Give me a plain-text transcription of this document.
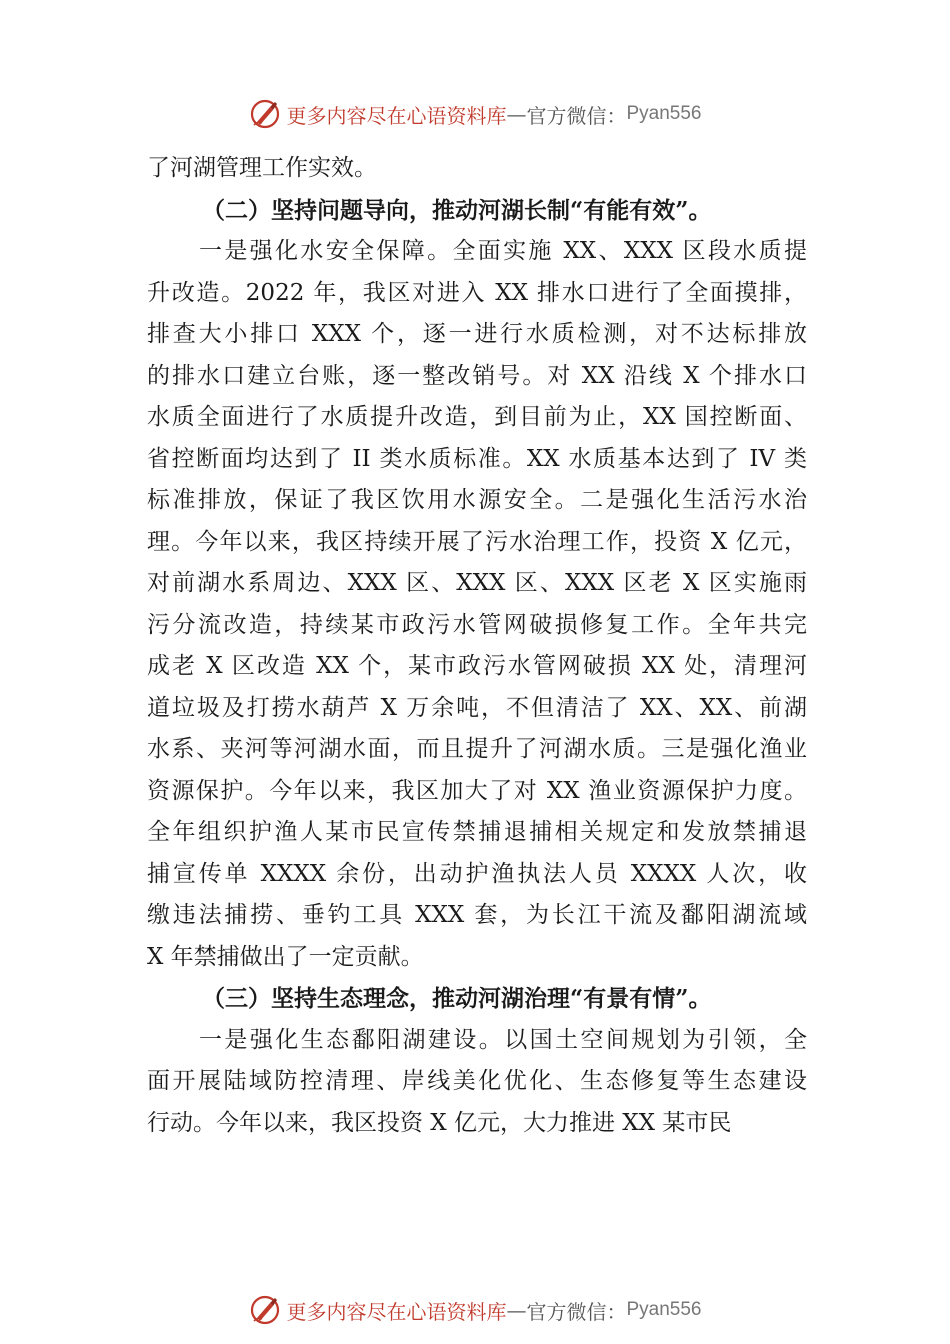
更多内容尽在心语资料库 — 官方微信： Pyan556
了河湖管理工作实效。
（二）坚持问题导向，推动河湖长制“有能有效”。
一是强化水安全保障。全面实施 XX、XXX 区段水质提
升改造。2022 年，我区对进入 XX 排水口进行了全面摸排，
排查大小排口 XXX 个，逐一进行水质检测，对不达标排放
的排水口建立台账，逐一整改销号。对 XX 沿线 X 个排水口
水质全面进行了水质提升改造，到目前为止，XX 国控断面、
省控断面均达到了 II 类水质标准。XX 水质基本达到了 IV 类
标准排放，保证了我区饮用水源安全。二是强化生活污水治
理。今年以来，我区持续开展了污水治理工作，投资 X 亿元，
对前湖水系周边、XXX 区、XXX 区、XXX 区老 X 区实施雨
污分流改造，持续某市政污水管网破损修复工作。全年共完
成老 X 区改造 XX 个，某市政污水管网破损 XX 处，清理河
道垃圾及打捞水葫芦 X 万余吨，不但清洁了 XX、XX、前湖
水系、夹河等河湖水面，而且提升了河湖水质。三是强化渔业
资源保护。今年以来，我区加大了对 XX 渔业资源保护力度。
全年组织护渔人某市民宣传禁捕退捕相关规定和发放禁捕退
捕宣传单 XXXX 余份，出动护渔执法人员 XXXX 人次，收
缴违法捕捞、垂钓工具 XXX 套，为长江干流及鄱阳湖流域
X 年禁捕做出了一定贡献。
（三）坚持生态理念，推动河湖治理“有景有情”。
一是强化生态鄱阳湖建设。以国土空间规划为引领，全
面开展陆域防控清理、岸线美化优化、生态修复等生态建设
行动。今年以来，我区投资 X 亿元，大力推进 XX 某市民
更多内容尽在心语资料库 — 官方微信： Pyan556
